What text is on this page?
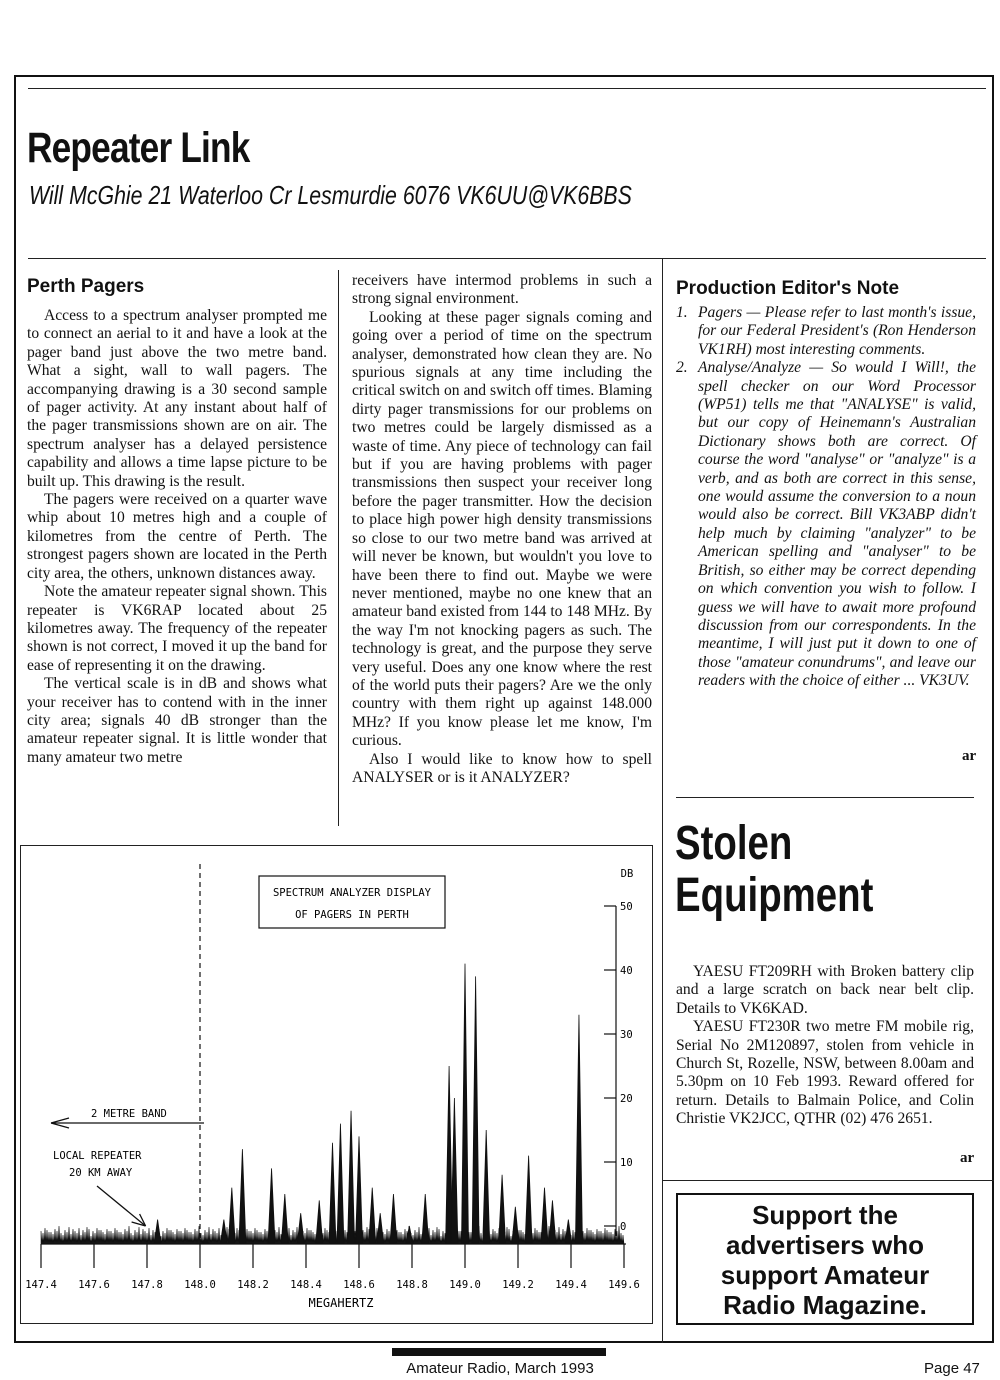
Repeater Link
Will McGhie 21 Waterloo Cr Lesmurdie 6076 VK6UU@VK6BBS
Perth Pagers

Access to a spectrum analyser prompted me to connect an aerial to it and have a look at the pager band just above the two metre band. What a sight, wall to wall pagers. The accompanying drawing is a 30 second sample of pager activity. At any instant about half of the pager transmissions shown are on air. The spectrum analyser has a delayed persistence capability and allows a time lapse picture to be built up. This drawing is the result.

The pagers were received on a quarter wave whip about 10 metres high and a couple of kilometres from the centre of Perth. The strongest pagers shown are located in the Perth city area, the others, unknown distances away.

Note the amateur repeater signal shown. This repeater is VK6RAP located about 25 kilometres away. The frequency of the repeater shown is not correct, I moved it up the band for ease of representing it on the drawing.

The vertical scale is in dB and shows what your receiver has to contend with in the inner city area; signals 40 dB stronger than the amateur repeater signal. It is little wonder that many amateur two metre

receivers have intermod problems in such a strong signal environment.

Looking at these pager signals coming and going over a period of time on the spectrum analyser, demonstrated how clean they are. No spurious signals at any time including the critical switch on and switch off times. Blaming dirty pager transmissions for our problems on two metres could be largely dismissed as a waste of time. Any piece of technology can fail but if you are having problems with pager transmissions then suspect your receiver long before the pager transmitter. How the decision to place high power high density transmissions so close to our two metre band was arrived at will never be known, but wouldn't you love to have been there to find out. Maybe we were never mentioned, maybe no one knew that an amateur band existed from 144 to 148 MHz. By the way I'm not knocking pagers as such. The technology is great, and the purpose they serve very useful. Does any one know where the rest of the world puts their pagers? Are we the only country with them right up against 148.000 MHz? If you know please let me know, I'm curious.

Also I would like to know how to spell ANALYSER or is it ANALYZER?

Production Editor's Note
1. Pagers — Please refer to last month's issue, for our Federal President's (Ron Henderson VK1RH) most interesting comments.
2. Analyse/Analyze — So would I Will!, the spell checker on our Word Processor (WP51) tells me that "ANALYSE" is valid, but our copy of Heinemann's Australian Dictionary shows both are correct. Of course the word "analyse" or "analyze" is a verb, and as both are correct in this sense, one would assume the conversion to a noun would also be correct. Bill VK3ABP didn't help much by claiming "analyzer" to be American spelling and "analyser" to be British, so either may be correct depending on which convention you wish to follow. I guess we will have to await more profound discussion from our correspondents. In the meantime, I will just put it down to one of those "amateur conundrums", and leave our readers with the choice of either ... VK3UV.
ar
Stolen
Equipment

YAESU FT209RH with Broken battery clip and a large scratch on back near belt clip. Details to VK6KAD.

YAESU FT230R two metre FM mobile rig, Serial No 2M120897, stolen from vehicle in Church St, Rozelle, NSW, between 8.00am and 5.30pm on 10 Feb 1993. Reward offered for return. Details to Balmain Police, and Colin Christie VK2JCC, QTHR (02) 476 2651.

ar
Support the
advertisers who
support Amateur
Radio Magazine.
SPECTRUM ANALYZER DISPLAY
OF PAGERS IN PERTH
DB
MEGAHERTZ
2 METRE BAND
LOCAL REPEATER
20 KM AWAY
147.4 147.6 147.8 148.0 148.2 148.4 148.6 148.8 149.0 149.2 149.4 149.6
50
40
30
20
10
0
Amateur Radio, March 1993	Page 47
